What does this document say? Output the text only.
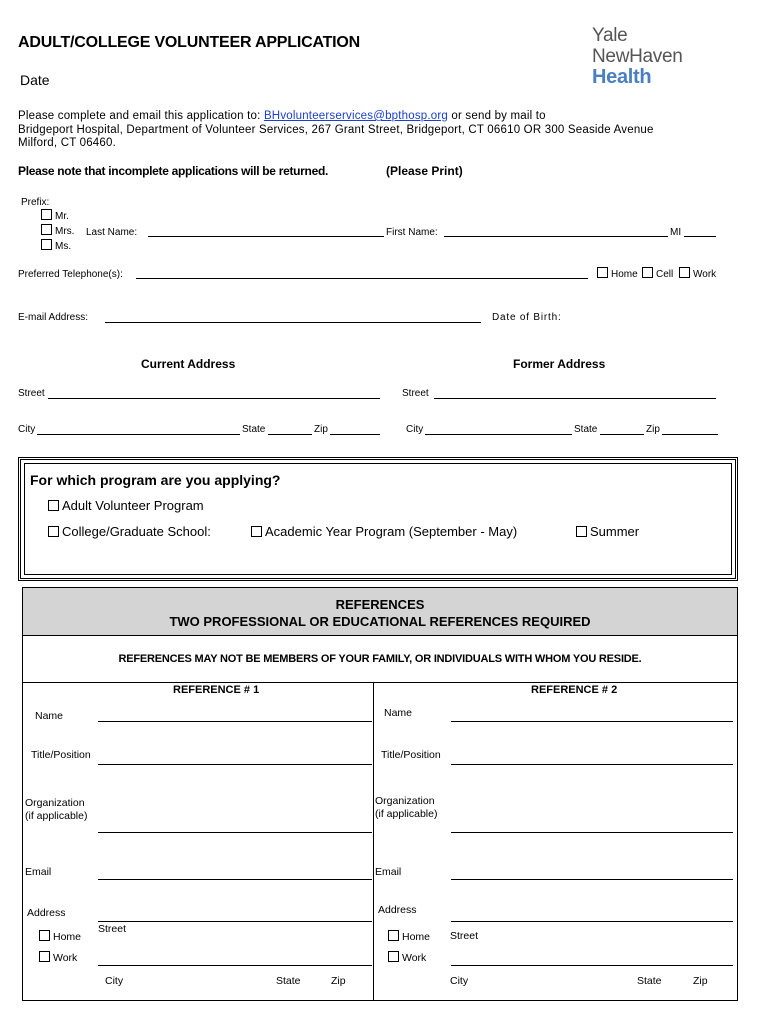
ADULT/COLLEGE VOLUNTEER APPLICATION
Date
Yale
NewHaven
Health
Please complete and email this application to: BHvolunteerservices@bpthosp.org or send by mail to
Bridgeport Hospital, Department of Volunteer Services, 267 Grant Street, Bridgeport, CT 06610 OR 300 Seaside Avenue
Milford, CT 06460.
Please note that incomplete applications will be returned.	(Please Print)
Prefix:
Mr.
Mrs.
Ms.
Last Name:	First Name:	MI
Preferred Telephone(s):	Home	Cell	Work
E-mail Address:	Date of Birth:
Current Address	Former Address
Street	Street
City	State	Zip	City	State	Zip
For which program are you applying?
Adult Volunteer Program
College/Graduate School:	Academic Year Program (September - May)	Summer
REFERENCES
TWO PROFESSIONAL OR EDUCATIONAL REFERENCES REQUIRED
REFERENCES MAY NOT BE MEMBERS OF YOUR FAMILY, OR INDIVIDUALS WITH WHOM YOU RESIDE.
REFERENCE # 1
Name
Title/Position
Organization
(if applicable)
Email
Address
Home
Street
Work
City	State	Zip
REFERENCE # 2
Name
Title/Position
Organization
(if applicable)
Email
Address
Home Street
Work
City	State	Zip
